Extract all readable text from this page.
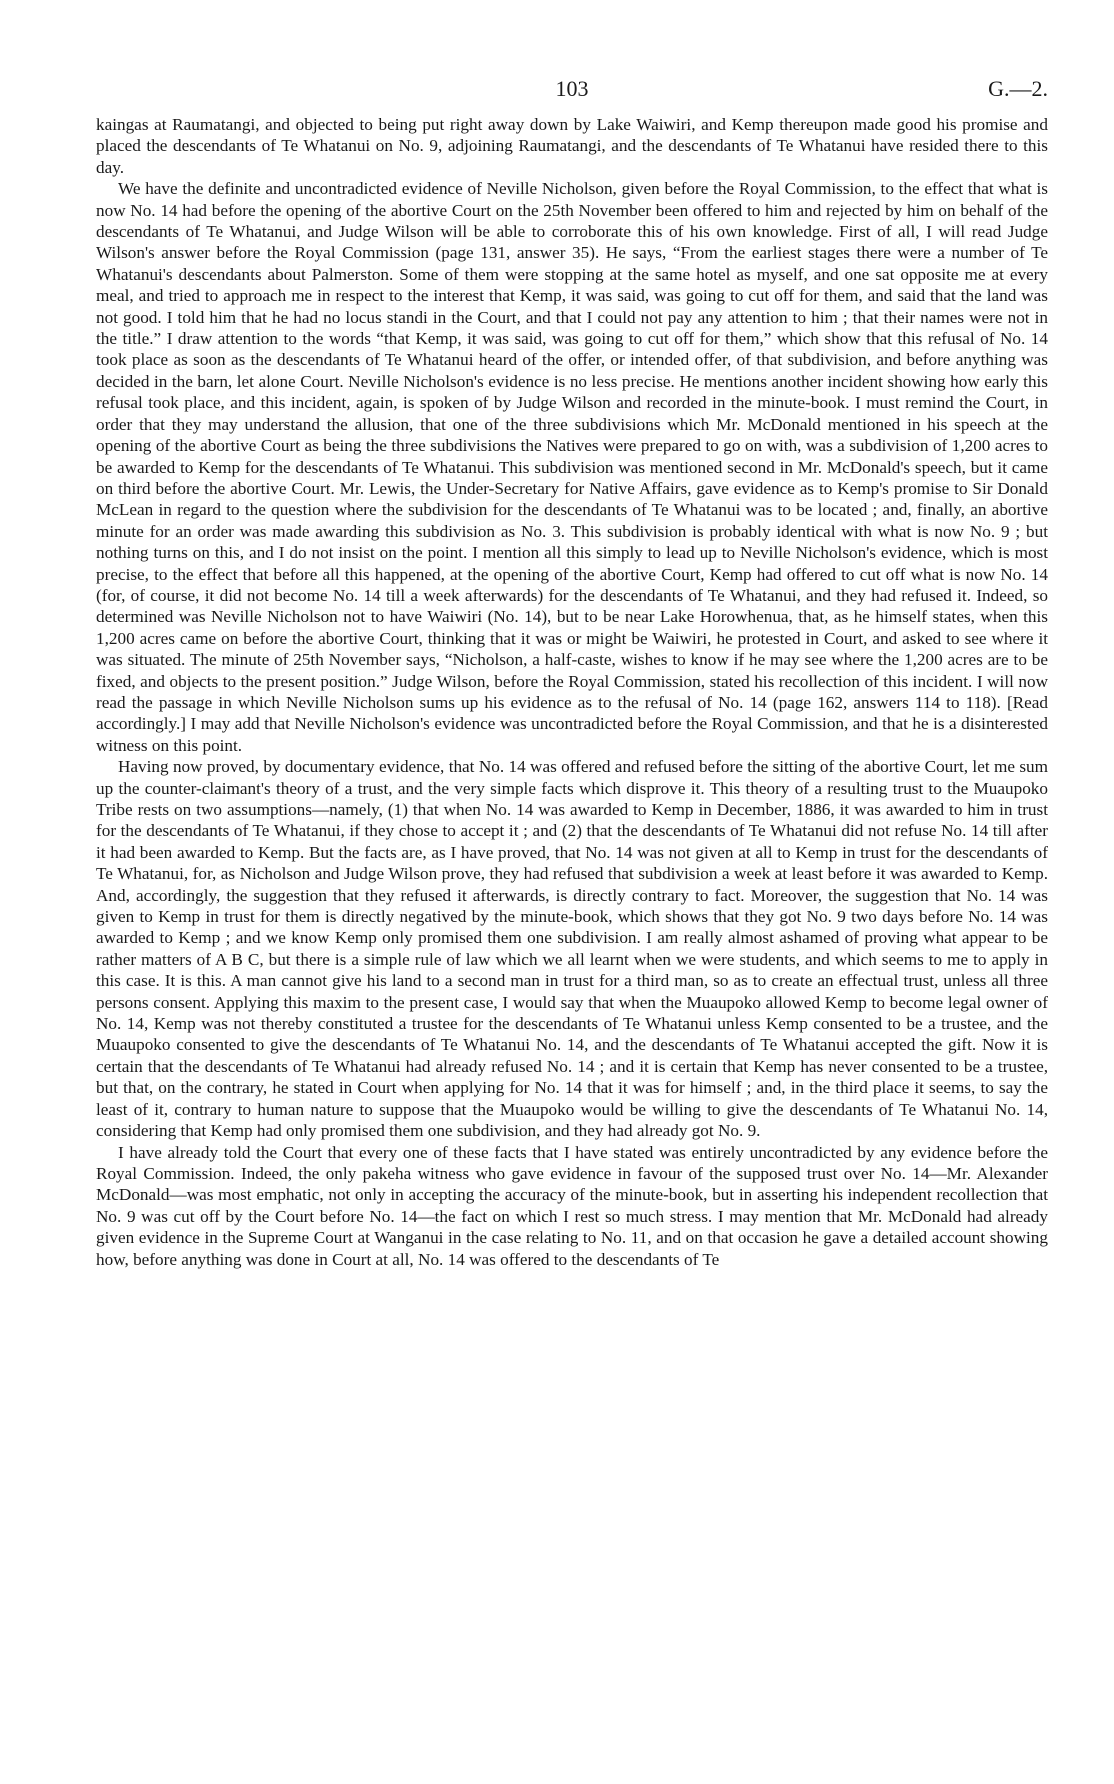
103	G.—2.

kaingas at Raumatangi, and objected to being put right away down by Lake Waiwiri, and Kemp thereupon made good his promise and placed the descendants of Te Whatanui on No. 9, adjoining Raumatangi, and the descendants of Te Whatanui have resided there to this day.

We have the definite and uncontradicted evidence of Neville Nicholson, given before the Royal Commission, to the effect that what is now No. 14 had before the opening of the abortive Court on the 25th November been offered to him and rejected by him on behalf of the descendants of Te Whatanui, and Judge Wilson will be able to corroborate this of his own knowledge. First of all, I will read Judge Wilson's answer before the Royal Commission (page 131, answer 35). He says, “From the earliest stages there were a number of Te Whatanui's descendants about Palmerston. Some of them were stopping at the same hotel as myself, and one sat opposite me at every meal, and tried to approach me in respect to the interest that Kemp, it was said, was going to cut off for them, and said that the land was not good. I told him that he had no locus standi in the Court, and that I could not pay any attention to him ; that their names were not in the title.” I draw attention to the words “that Kemp, it was said, was going to cut off for them,” which show that this refusal of No. 14 took place as soon as the descendants of Te Whatanui heard of the offer, or intended offer, of that subdivision, and before anything was decided in the barn, let alone Court. Neville Nicholson's evidence is no less precise. He mentions another incident showing how early this refusal took place, and this incident, again, is spoken of by Judge Wilson and recorded in the minute-book. I must remind the Court, in order that they may understand the allusion, that one of the three subdivisions which Mr. McDonald mentioned in his speech at the opening of the abortive Court as being the three subdivisions the Natives were prepared to go on with, was a subdivision of 1,200 acres to be awarded to Kemp for the descendants of Te Whatanui. This subdivision was mentioned second in Mr. McDonald's speech, but it came on third before the abortive Court. Mr. Lewis, the Under-Secretary for Native Affairs, gave evidence as to Kemp's promise to Sir Donald McLean in regard to the question where the subdivision for the descendants of Te Whatanui was to be located ; and, finally, an abortive minute for an order was made awarding this subdivision as No. 3. This subdivision is probably identical with what is now No. 9 ; but nothing turns on this, and I do not insist on the point. I mention all this simply to lead up to Neville Nicholson's evidence, which is most precise, to the effect that before all this happened, at the opening of the abortive Court, Kemp had offered to cut off what is now No. 14 (for, of course, it did not become No. 14 till a week afterwards) for the descendants of Te Whatanui, and they had refused it. Indeed, so determined was Neville Nicholson not to have Waiwiri (No. 14), but to be near Lake Horowhenua, that, as he himself states, when this 1,200 acres came on before the abortive Court, thinking that it was or might be Waiwiri, he protested in Court, and asked to see where it was situated. The minute of 25th November says, “Nicholson, a half-caste, wishes to know if he may see where the 1,200 acres are to be fixed, and objects to the present position.” Judge Wilson, before the Royal Commission, stated his recollection of this incident. I will now read the passage in which Neville Nicholson sums up his evidence as to the refusal of No. 14 (page 162, answers 114 to 118). [Read accordingly.] I may add that Neville Nicholson's evidence was uncontradicted before the Royal Commission, and that he is a disinterested witness on this point.

Having now proved, by documentary evidence, that No. 14 was offered and refused before the sitting of the abortive Court, let me sum up the counter-claimant's theory of a trust, and the very simple facts which disprove it. This theory of a resulting trust to the Muaupoko Tribe rests on two assumptions—namely, (1) that when No. 14 was awarded to Kemp in December, 1886, it was awarded to him in trust for the descendants of Te Whatanui, if they chose to accept it ; and (2) that the descendants of Te Whatanui did not refuse No. 14 till after it had been awarded to Kemp. But the facts are, as I have proved, that No. 14 was not given at all to Kemp in trust for the descendants of Te Whatanui, for, as Nicholson and Judge Wilson prove, they had refused that subdivision a week at least before it was awarded to Kemp. And, accordingly, the suggestion that they refused it afterwards, is directly contrary to fact. Moreover, the suggestion that No. 14 was given to Kemp in trust for them is directly negatived by the minute-book, which shows that they got No. 9 two days before No. 14 was awarded to Kemp ; and we know Kemp only promised them one subdivision. I am really almost ashamed of proving what appear to be rather matters of A B C, but there is a simple rule of law which we all learnt when we were students, and which seems to me to apply in this case. It is this. A man cannot give his land to a second man in trust for a third man, so as to create an effectual trust, unless all three persons consent. Applying this maxim to the present case, I would say that when the Muaupoko allowed Kemp to become legal owner of No. 14, Kemp was not thereby constituted a trustee for the descendants of Te Whatanui unless Kemp consented to be a trustee, and the Muaupoko consented to give the descendants of Te Whatanui No. 14, and the descendants of Te Whatanui accepted the gift. Now it is certain that the descendants of Te Whatanui had already refused No. 14 ; and it is certain that Kemp has never consented to be a trustee, but that, on the contrary, he stated in Court when applying for No. 14 that it was for himself ; and, in the third place it seems, to say the least of it, contrary to human nature to suppose that the Muaupoko would be willing to give the descendants of Te Whatanui No. 14, considering that Kemp had only promised them one subdivision, and they had already got No. 9.

I have already told the Court that every one of these facts that I have stated was entirely uncontradicted by any evidence before the Royal Commission. Indeed, the only pakeha witness who gave evidence in favour of the supposed trust over No. 14—Mr. Alexander McDonald—was most emphatic, not only in accepting the accuracy of the minute-book, but in asserting his independent recollection that No. 9 was cut off by the Court before No. 14—the fact on which I rest so much stress. I may mention that Mr. McDonald had already given evidence in the Supreme Court at Wanganui in the case relating to No. 11, and on that occasion he gave a detailed account showing how, before anything was done in Court at all, No. 14 was offered to the descendants of Te
